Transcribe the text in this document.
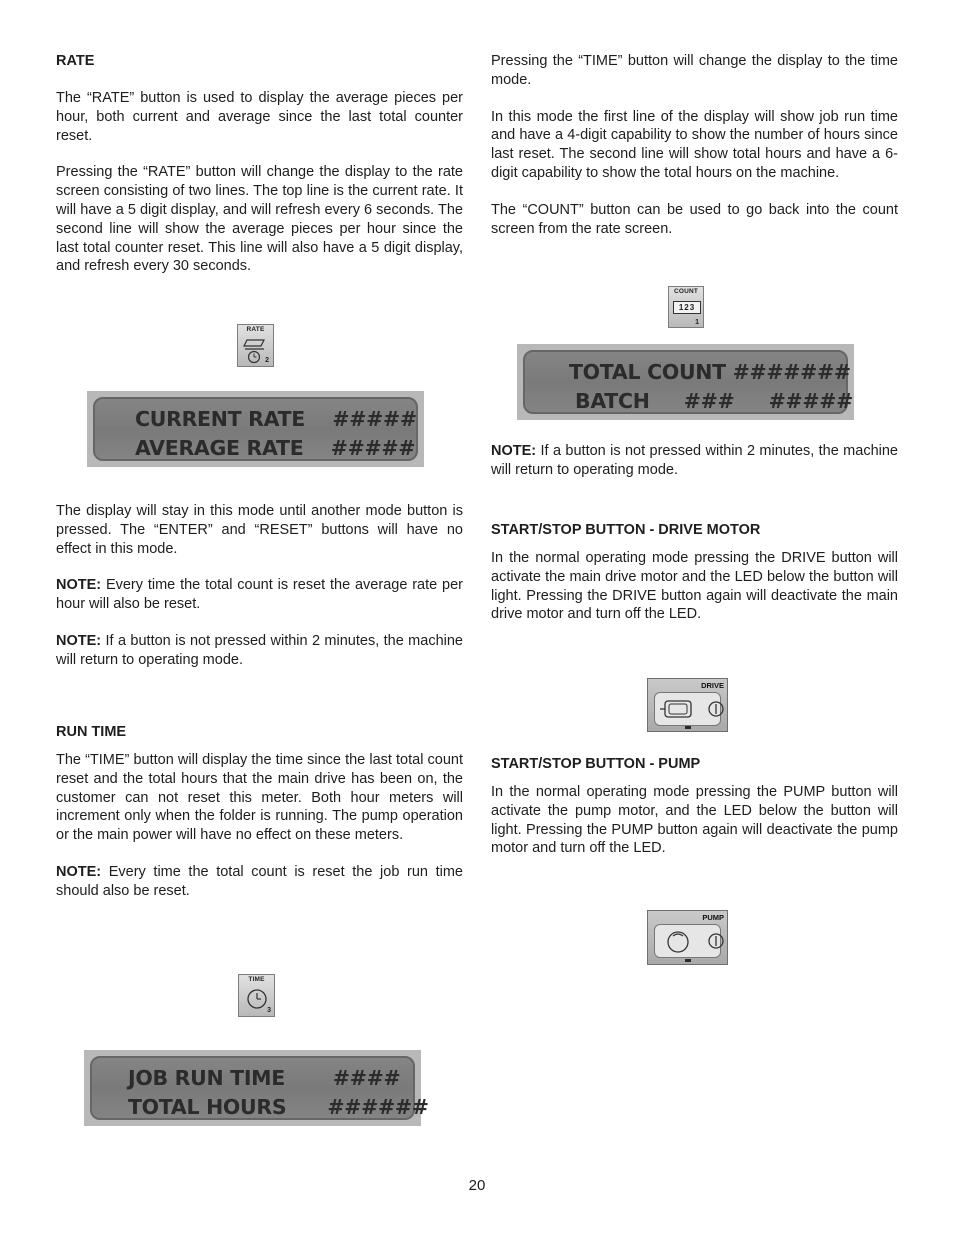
RATE

The “RATE” button is used to display the average pieces per hour, both current and average since the last total counter reset.

Pressing the “RATE” button will change the display to the rate screen consisting of two lines. The top line is the current rate. It will have a 5 digit display, and will refresh every 6 seconds. The second line will show the average pieces per hour since the last total counter reset. This line will also have a 5 digit display, and refresh every 30 seconds.

RATE
2
CURRENT RATE    #####
AVERAGE RATE    #####

The display will stay in this mode until another mode button is pressed. The “ENTER” and “RESET” buttons will have no effect in this mode.

NOTE: Every time the total count is reset the average rate per hour will also be reset.

NOTE: If a button is not pressed within 2 minutes, the machine will return to operating mode.

RUN TIME

The “TIME” button will display the time since the last total count reset and the total hours that the main drive has been on, the customer can not reset this meter. Both hour meters will increment only when the folder is running. The pump operation or the main power will have no effect on these meters.

NOTE: Every time the total count is reset the job run time should also be reset.

TIME
3
JOB RUN TIME       ####
TOTAL HOURS      ######

Pressing the “TIME” button will change the display to the time mode.

In this mode the first line of the display will show job run time and have a 4-digit capability to show the number of hours since last reset. The second line will show total hours and have a 6-digit capability to show the total hours on the machine.

The “COUNT” button can be used to go back into the count screen from the rate screen.

COUNT
123
1
TOTAL COUNT #######
BATCH     ###     #####

NOTE: If a button is not pressed within 2 minutes, the machine will return to operating mode.

START/STOP BUTTON - DRIVE MOTOR

In the normal operating mode pressing the DRIVE button will activate the main drive motor and the LED below the button will light. Pressing the DRIVE button again will deactivate the main drive motor and turn off the LED.

DRIVE

START/STOP BUTTON - PUMP

In the normal operating mode pressing the PUMP button will activate the pump motor, and the LED below the button will light. Pressing the PUMP button again will deactivate the pump motor and turn off the LED.

PUMP
20
